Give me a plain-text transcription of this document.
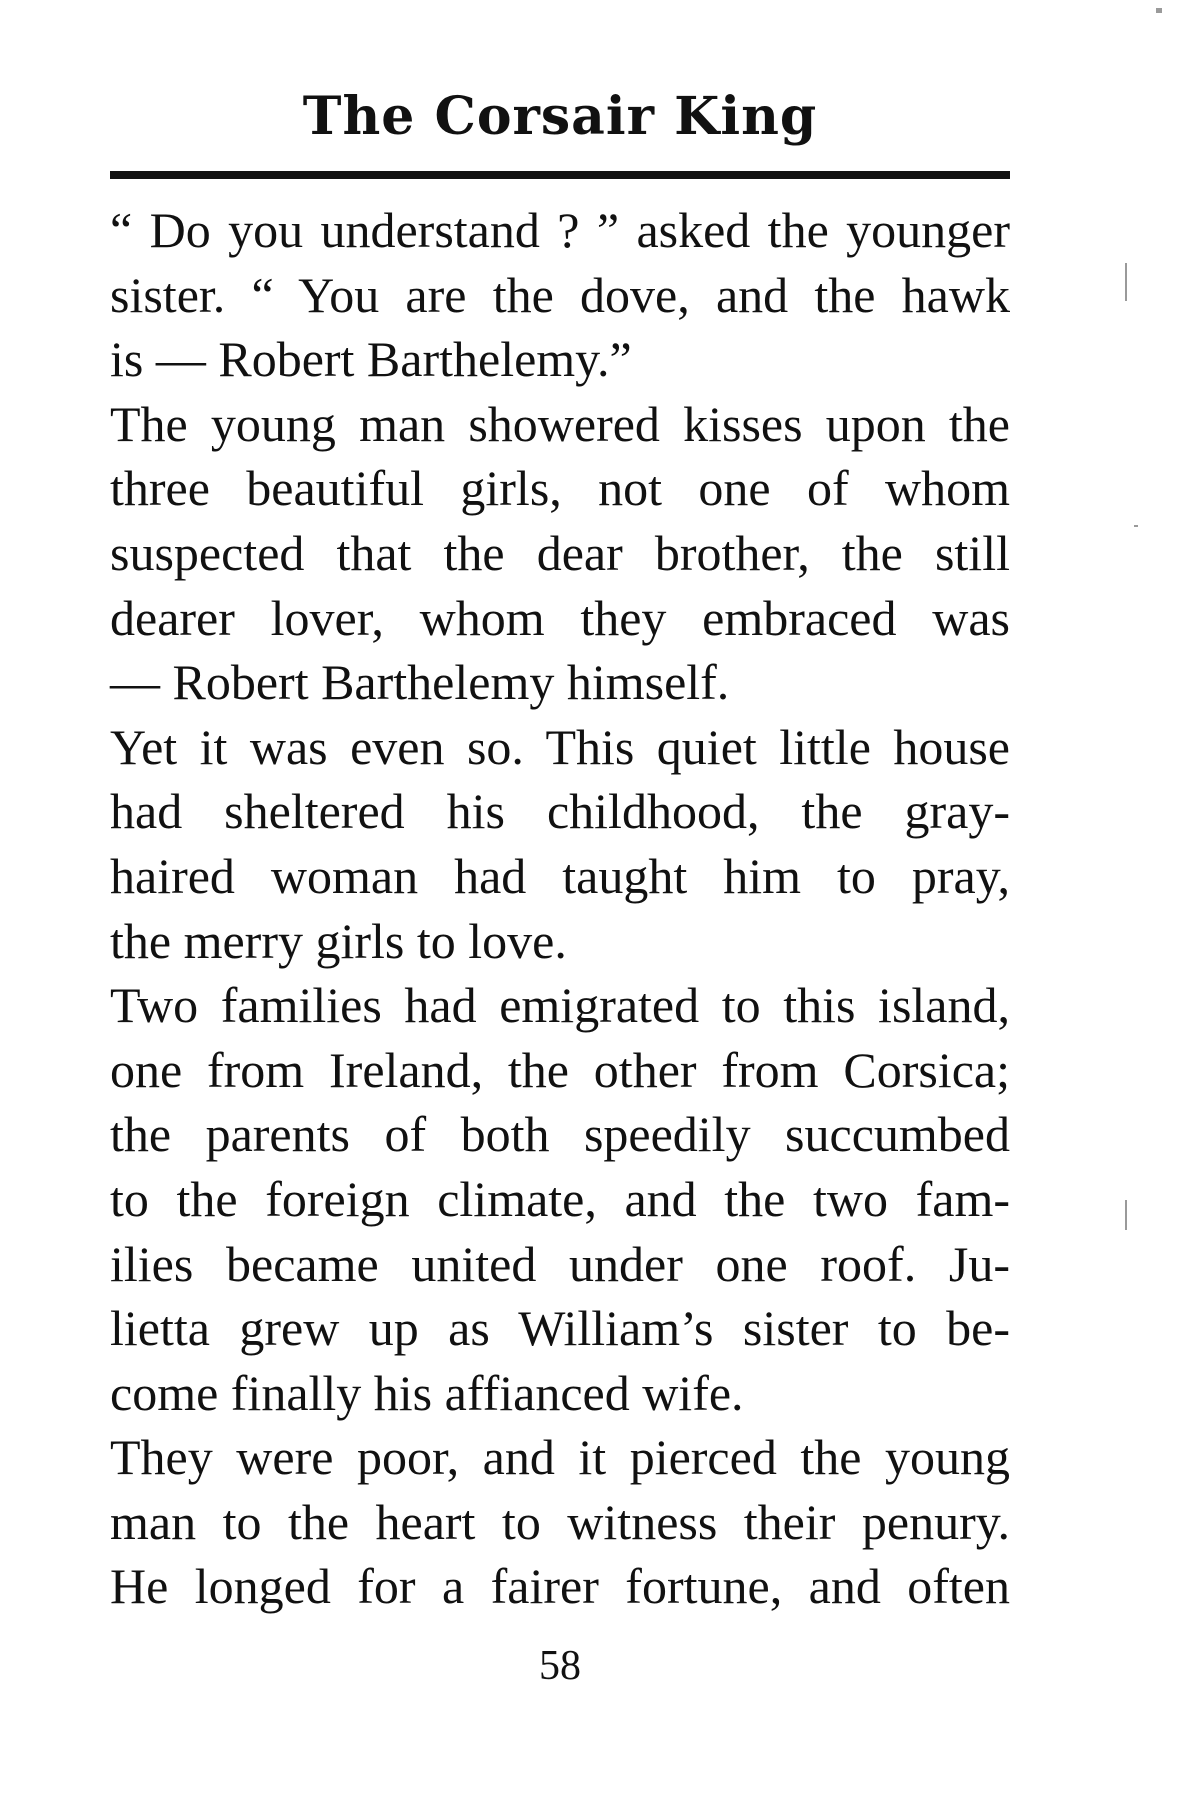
The Corsair King
“ Do you understand ? ” asked the younger
sister. “ You are the dove, and the hawk
is — Robert Barthelemy.”
The young man showered kisses upon the
three beautiful girls, not one of whom
suspected that the dear brother, the still
dearer lover, whom they embraced was
— Robert Barthelemy himself.
Yet it was even so. This quiet little house
had sheltered his childhood, the gray-
haired woman had taught him to pray,
the merry girls to love.
Two families had emigrated to this island,
one from Ireland, the other from Corsica;
the parents of both speedily succumbed
to the foreign climate, and the two fam-
ilies became united under one roof. Ju-
lietta grew up as William’s sister to be-
come finally his affianced wife.
They were poor, and it pierced the young
man to the heart to witness their penury.
He longed for a fairer fortune, and often
58
